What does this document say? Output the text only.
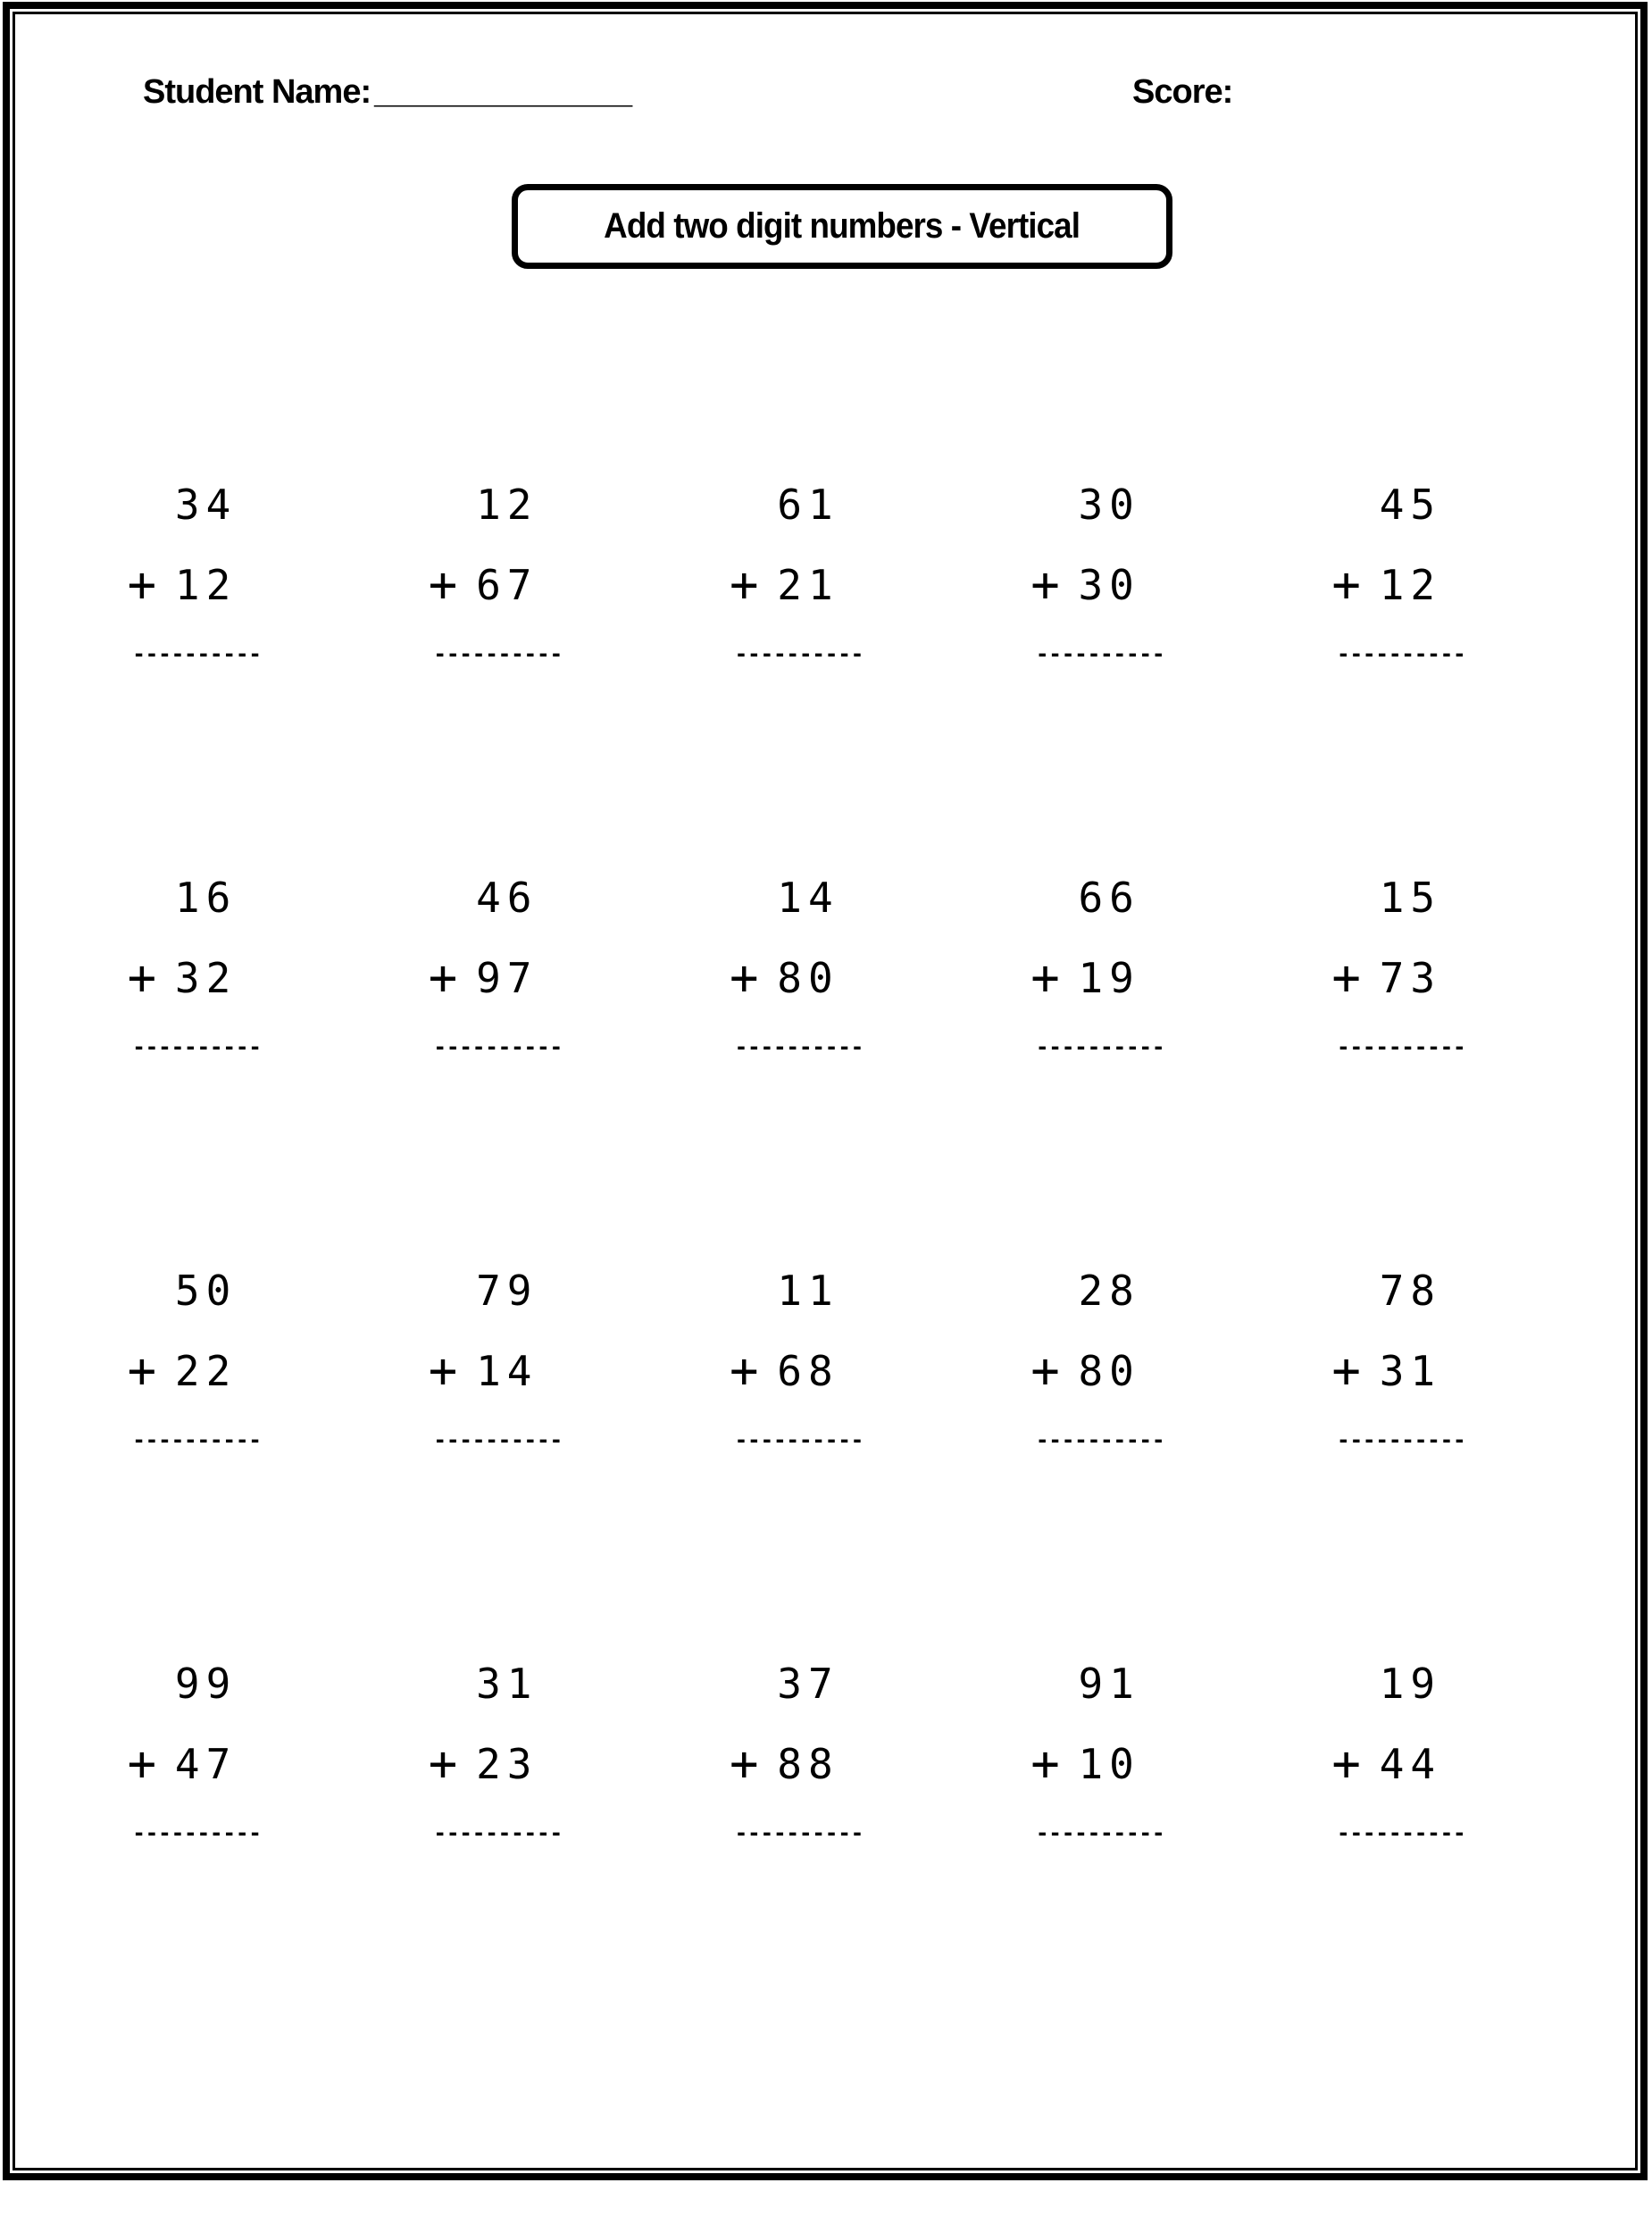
Student Name: _______________	Score:
Add two digit numbers - Vertical
34
+ 12
----------
12
+ 67
----------
61
+ 21
----------
30
+ 30
----------
45
+ 12
----------
16
+ 32
----------
46
+ 97
----------
14
+ 80
----------
66
+ 19
----------
15
+ 73
----------
50
+ 22
----------
79
+ 14
----------
11
+ 68
----------
28
+ 80
----------
78
+ 31
----------
99
+ 47
----------
31
+ 23
----------
37
+ 88
----------
91
+ 10
----------
19
+ 44
----------
